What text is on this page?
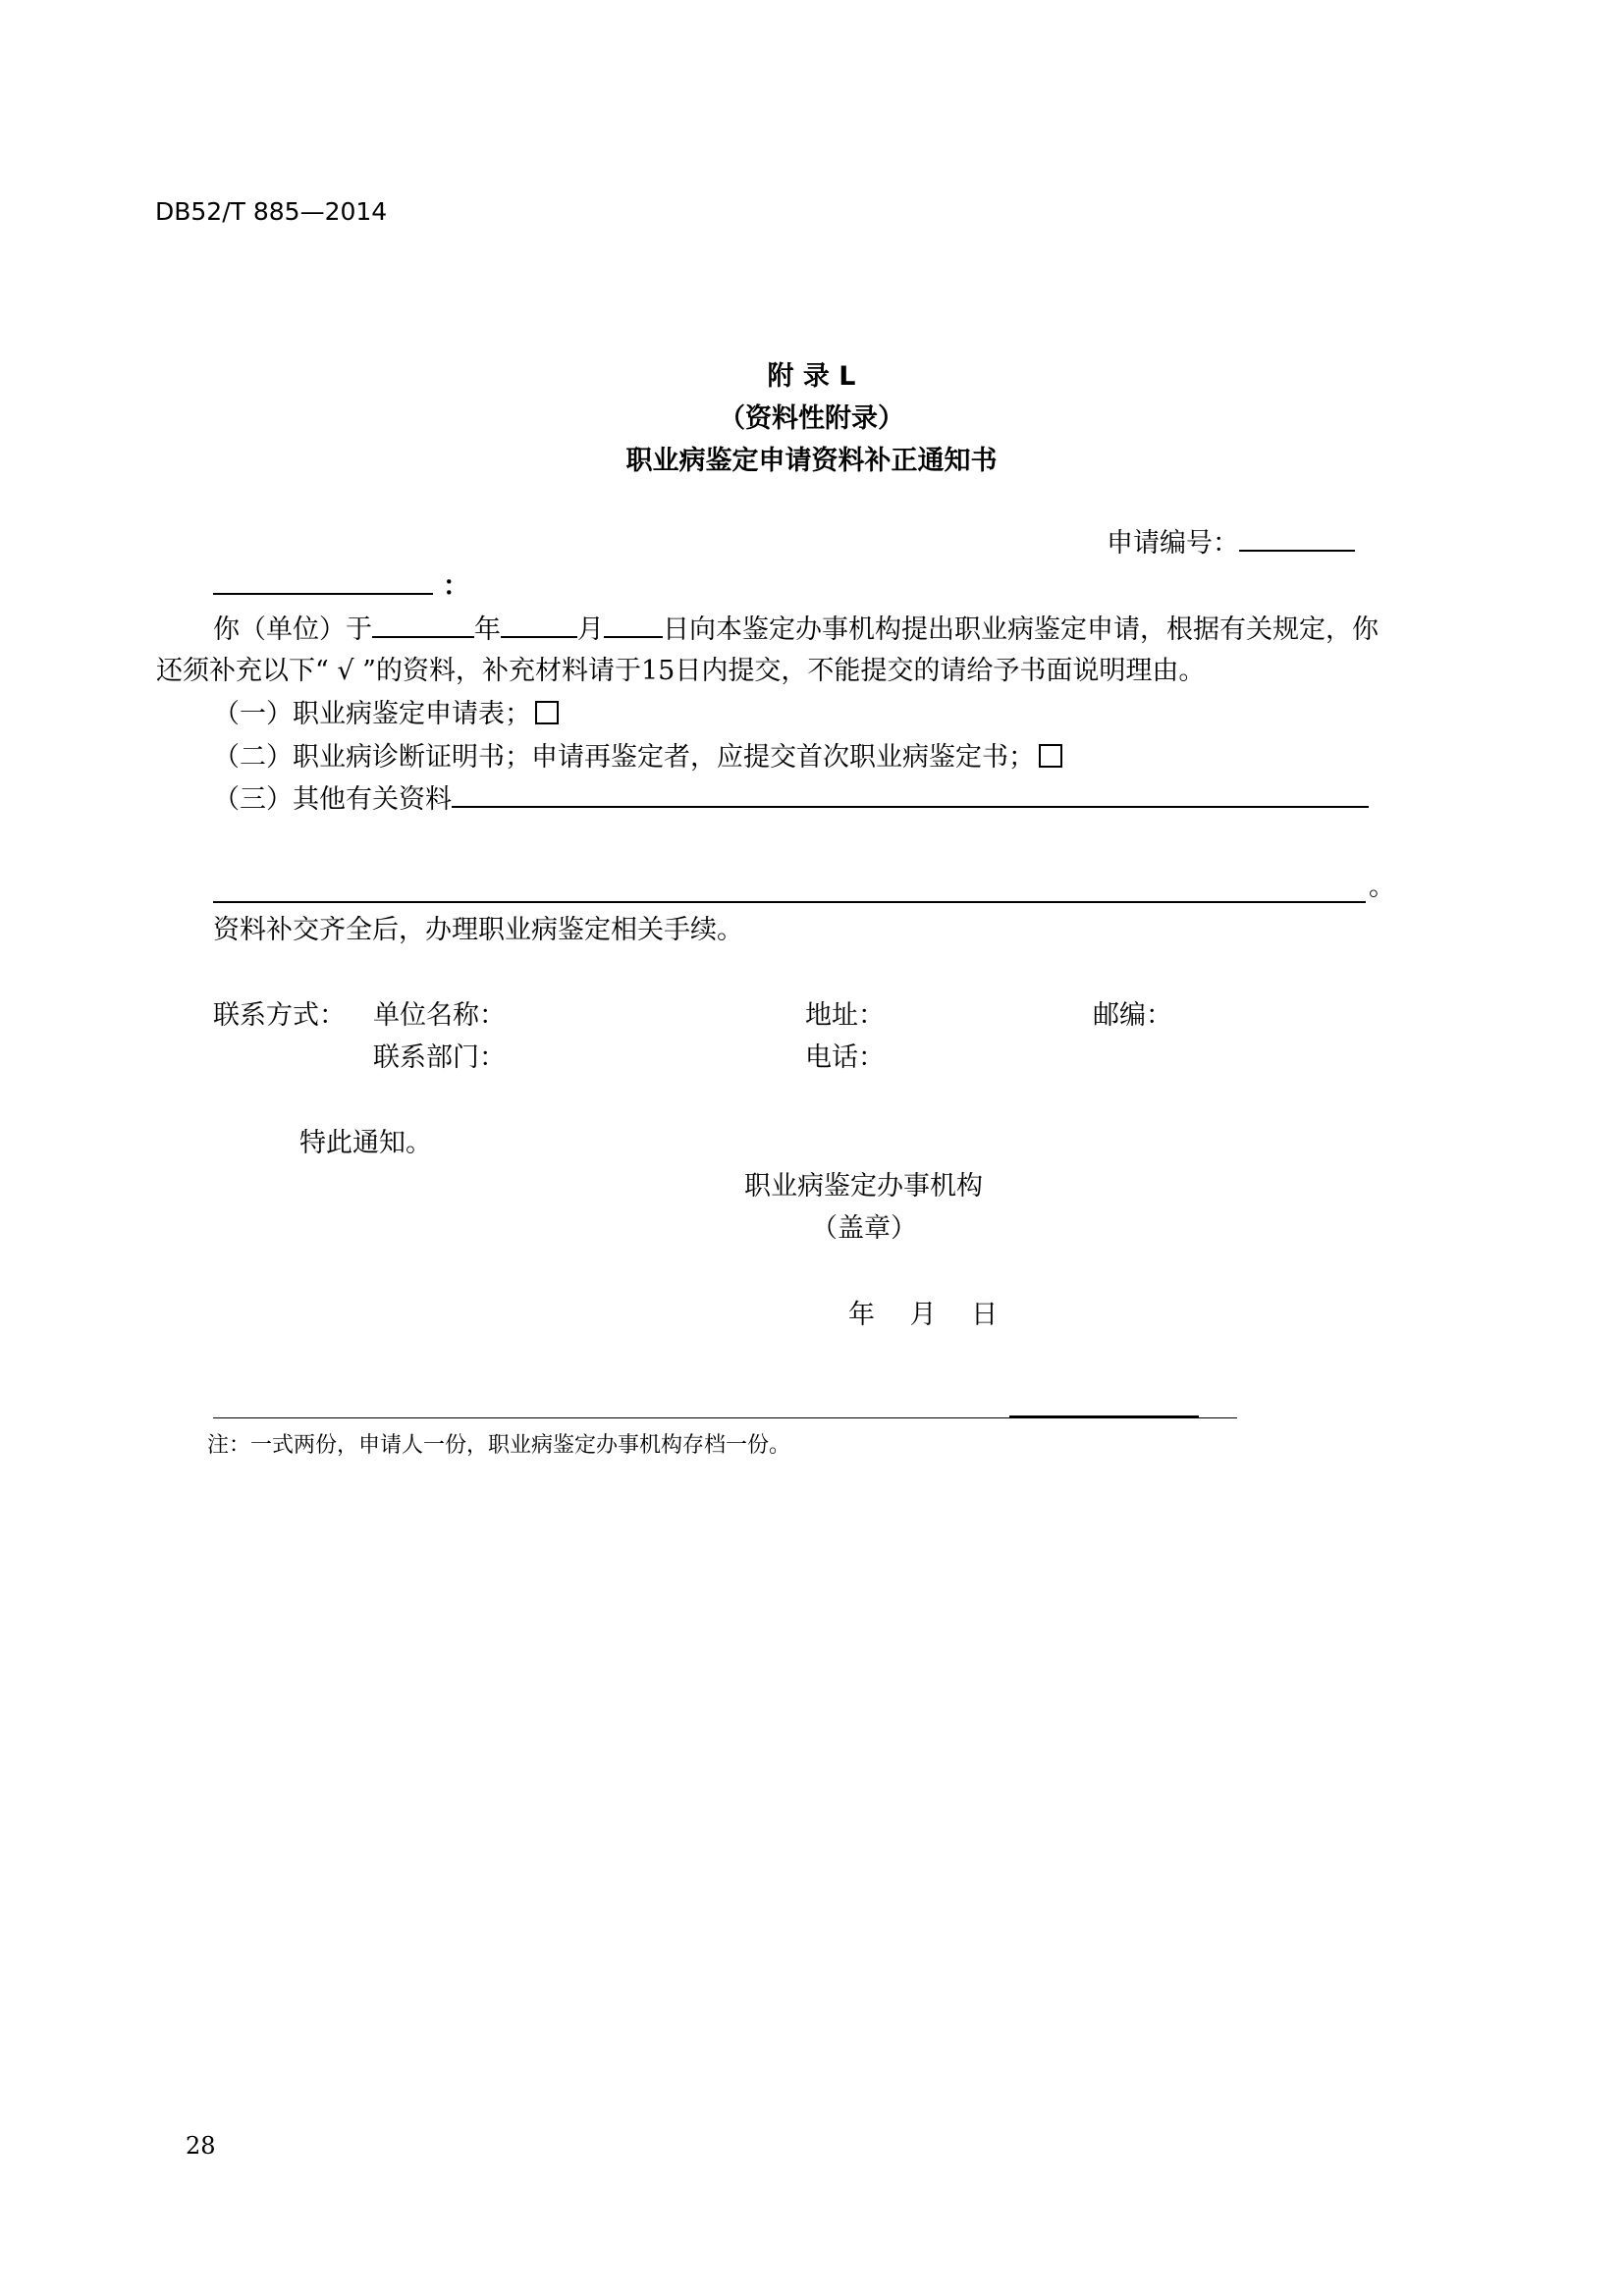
DB52/T 885—2014
附 录 L
（资料性附录）
职业病鉴定申请资料补正通知书
申请编号：
：
你（单位）于	年	月 日向本鉴定办事机构提出职业病鉴定申请，根据有关规定，你
还须补充以下“ √ ”的资料，补充材料请于15日内提交，不能提交的请给予书面说明理由。
（一）职业病鉴定申请表；
（二）职业病诊断证明书；申请再鉴定者，应提交首次职业病鉴定书；
（三）其他有关资料
。
资料补交齐全后，办理职业病鉴定相关手续。
联系方式： 单位名称：	地址：	邮编：
联系部门：	电话：
特此通知。
职业病鉴定办事机构
（盖章）
年　 月　 日
注：一式两份，申请人一份，职业病鉴定办事机构存档一份。
28
